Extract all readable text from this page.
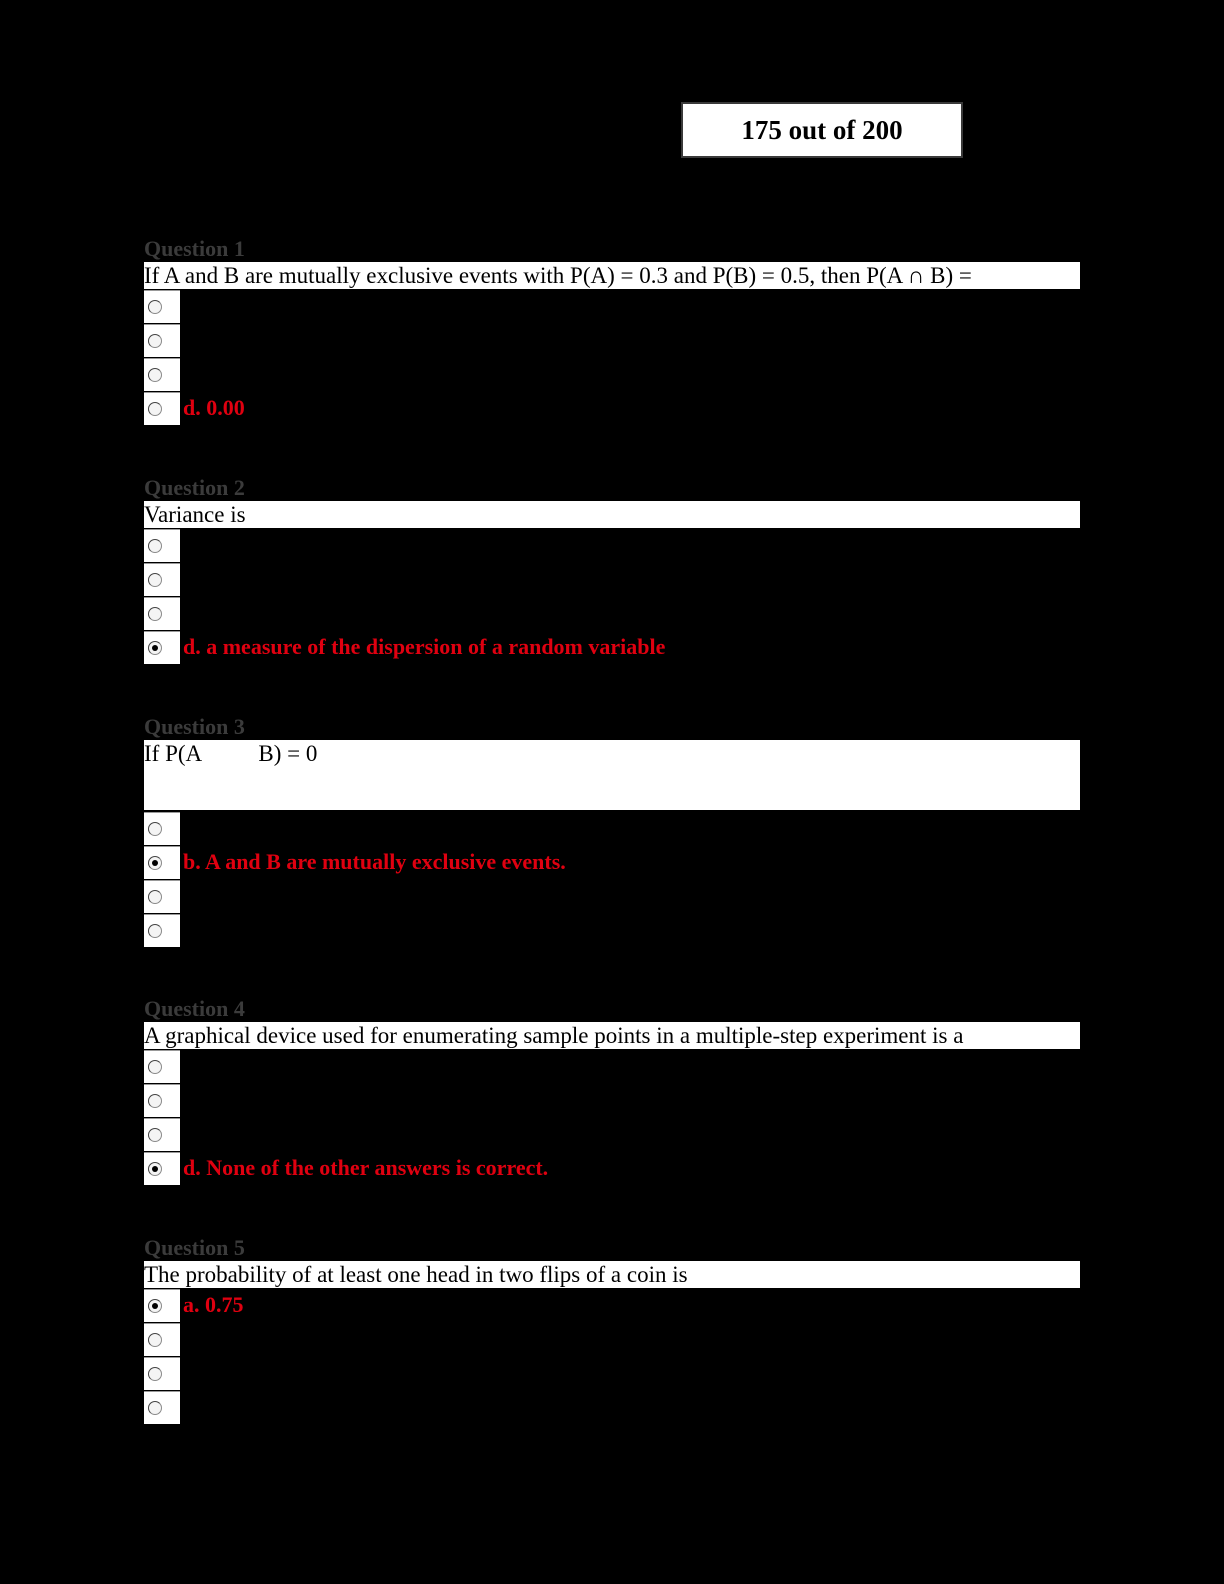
175 out of 200
Question 1
If A and B are mutually exclusive events with P(A) = 0.3 and P(B) = 0.5, then P(A ∩ B) =
d. 0.00
Question 2
Variance is
d. a measure of the dispersion of a random variable
Question 3
If P(A          B) = 0
b. A and B are mutually exclusive events.
Question 4
A graphical device used for enumerating sample points in a multiple-step experiment is a
d. None of the other answers is correct.
Question 5
The probability of at least one head in two flips of a coin is
a. 0.75
